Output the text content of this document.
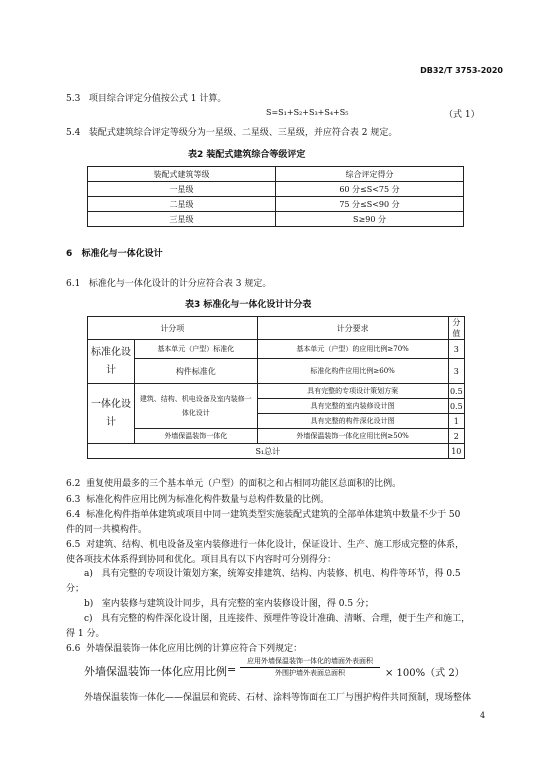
DB32/T 3753-2020
5.3 项目综合评定分值按公式 1 计算。
S=S₁+S₂+S₃+S₄+S₅	（式 1）
5.4 装配式建筑综合评定等级分为一星级、二星级、三星级，并应符合表 2 规定。
表2 装配式建筑综合等级评定
装配式建筑等级	综合评定得分
一星级	60 分≤S<75 分
二星级	75 分≤S<90 分
三星级	S≥90 分
6 标准化与一体化设计
6.1 标准化与一体化设计的计分应符合表 3 规定。
表3 标准化与一体化设计计分表
计分项		计分要求	分值
标准化设计	基本单元（户型）标准化	基本单元（户型）的应用比例≥70%	3
	构件标准化	标准化构件应用比例≥60%	3
一体化设计	建筑、结构、机电设备及室内装修一体化设计	具有完整的专项设计策划方案	0.5
		具有完整的室内装修设计图	0.5
		具有完整的构件深化设计图	1
	外墙保温装饰一体化	外墙保温装饰一体化应用比例≥50%	2
S₁总计			10
6.2 重复使用最多的三个基本单元（户型）的面积之和占相同功能区总面积的比例。
6.3 标准化构件应用比例为标准化构件数量与总构件数量的比例。
6.4 标准化构件指单体建筑或项目中同一建筑类型实施装配式建筑的全部单体建筑中数量不少于 50
件的同一共模构件。
6.5 对建筑、结构、机电设备及室内装修进行一体化设计，保证设计、生产、施工形成完整的体系，
使各项技术体系得到协同和优化。项目具有以下内容时可分别得分：
a) 具有完整的专项设计策划方案，统筹安排建筑、结构、内装修、机电、构件等环节，得 0.5
分；
b) 室内装修与建筑设计同步，具有完整的室内装修设计图，得 0.5 分；
c) 具有完整的构件深化设计图，且连接件、预埋件等设计准确、清晰、合理，便于生产和施工，
得 1 分。
6.6 外墙保温装饰一体化应用比例的计算应符合下列规定：
外墙保温装饰一体化应用比例 =
应用外墙保温装饰一体化的墙面外表面积
外围护墙外表面总面积	× 100%（式 2）
外墙保温装饰一体化——保温层和瓷砖、石材、涂料等饰面在工厂与围护构件共同预制，现场整体
4
